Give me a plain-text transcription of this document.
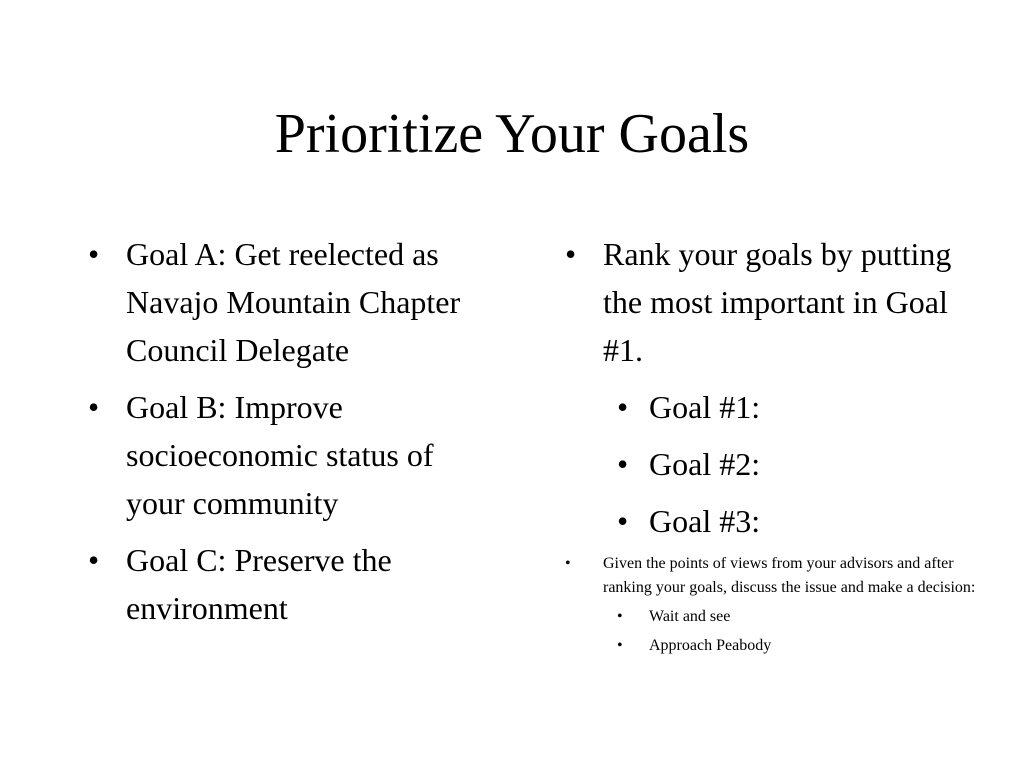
Prioritize Your Goals
• Goal A: Get reelected as Navajo Mountain Chapter Council Delegate
• Goal B: Improve socioeconomic status of your community
• Goal C: Preserve the environment
• Rank your goals by putting the most important in Goal #1.
• Goal #1:
• Goal #2:
• Goal #3:
• Given the points of views from your advisors and after ranking your goals, discuss the issue and make a decision:
• Wait and see
• Approach Peabody
